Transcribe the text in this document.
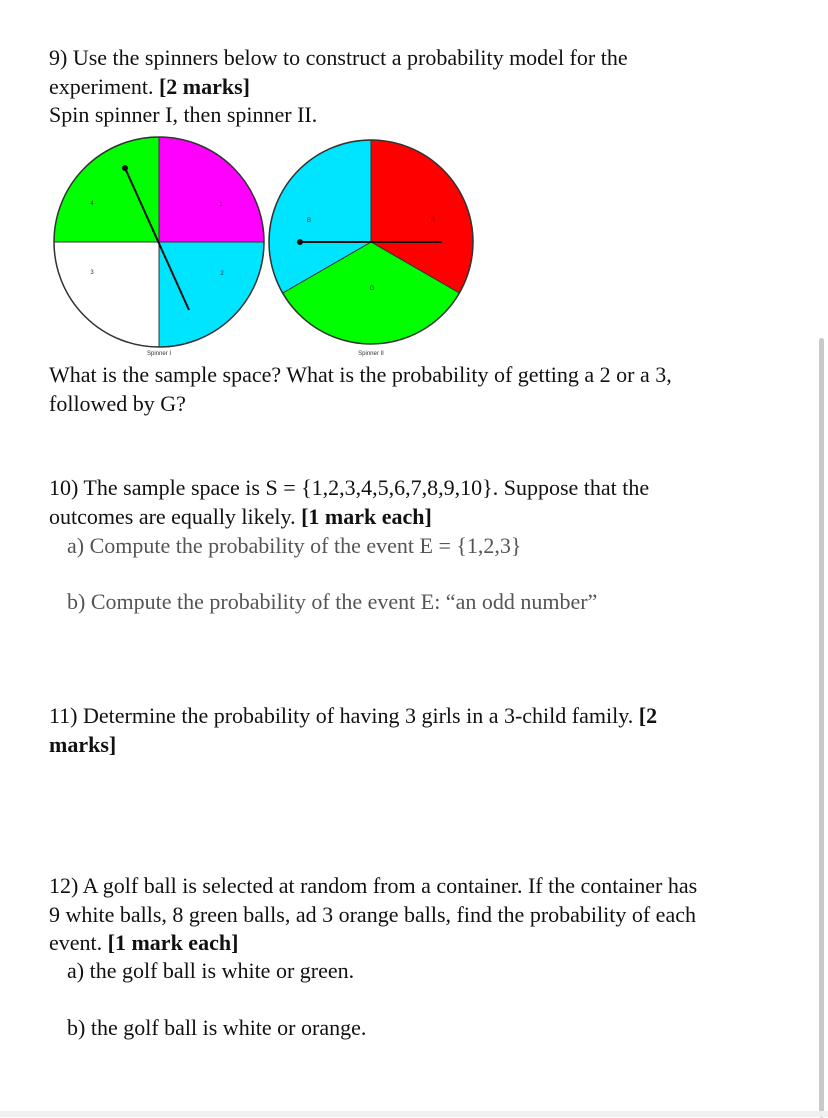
9) Use the spinners below to construct a probability model for the

experiment. [2 marks]

Spin spinner I, then spinner II.

1
2
3
4
Spinner I
R
G
B
Spinner II

What is the sample space? What is the probability of getting a 2 or a 3,

followed by G?

10) The sample space is S = {1,2,3,4,5,6,7,8,9,10}. Suppose that the

outcomes are equally likely. [1 mark each]

a) Compute the probability of the event E = {1,2,3}
b) Compute the probability of the event E: “an odd number”

11) Determine the probability of having 3 girls in a 3-child family. [2

marks]

12) A golf ball is selected at random from a container. If the container has

9 white balls, 8 green balls, ad 3 orange balls, find the probability of each

event. [1 mark each]

a) the golf ball is white or green.
b) the golf ball is white or orange.
